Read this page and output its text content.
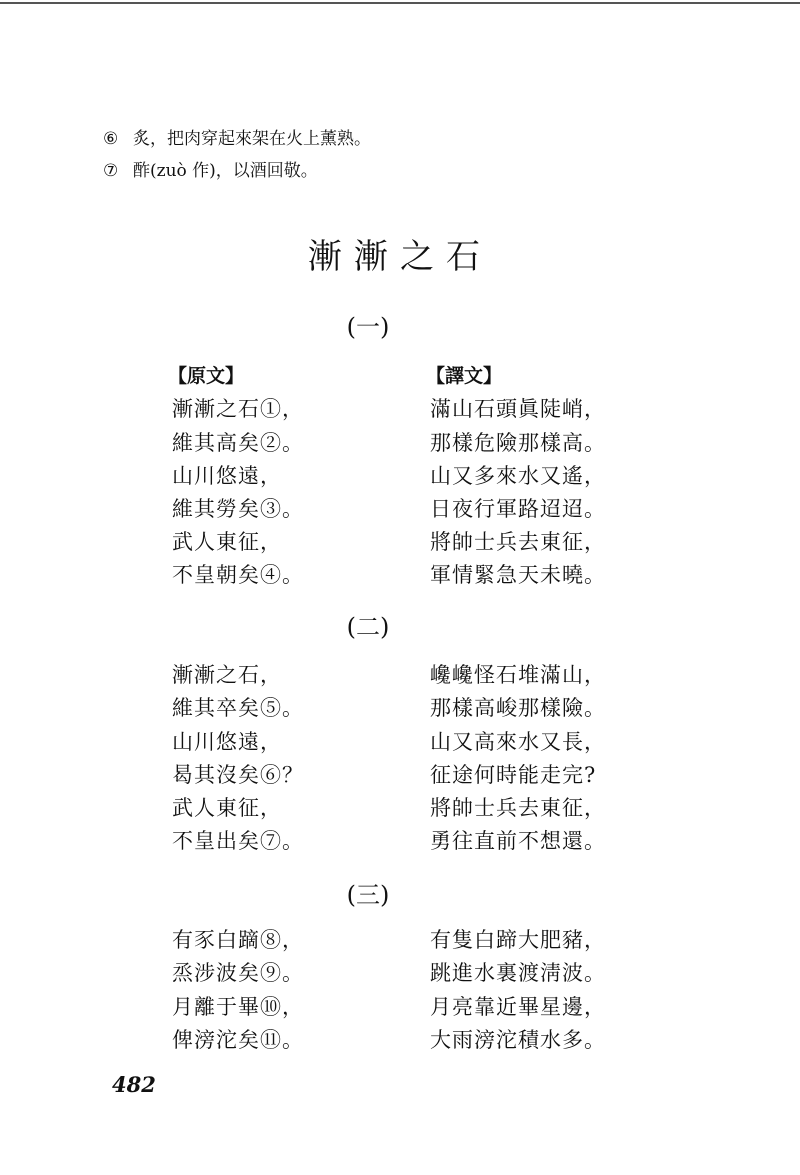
⑥ 炙，把肉穿起來架在火上薰熟。
⑦ 酢(zuò 作)，以酒回敬。
漸漸之石
(一)
【原文】	【譯文】
漸漸之石①，
維其高矣②。
山川悠遠，
維其勞矣③。
武人東征，
不皇朝矣④。
滿山石頭眞陡峭，
那樣危險那樣高。
山又多來水又遙，
日夜行軍路迢迢。
將帥士兵去東征，
軍情緊急天未曉。
(二)
漸漸之石，
維其卒矣⑤。
山川悠遠，
曷其沒矣⑥？
武人東征，
不皇出矣⑦。
巉巉怪石堆滿山，
那樣高峻那樣險。
山又高來水又長，
征途何時能走完?
將帥士兵去東征，
勇往直前不想還。
(三)
有豕白蹢⑧，
烝涉波矣⑨。
月離于畢⑩，
俾滂沱矣⑪。
有隻白蹄大肥豬，
跳進水裏渡淸波。
月亮靠近畢星邊，
大雨滂沱積水多。
482
